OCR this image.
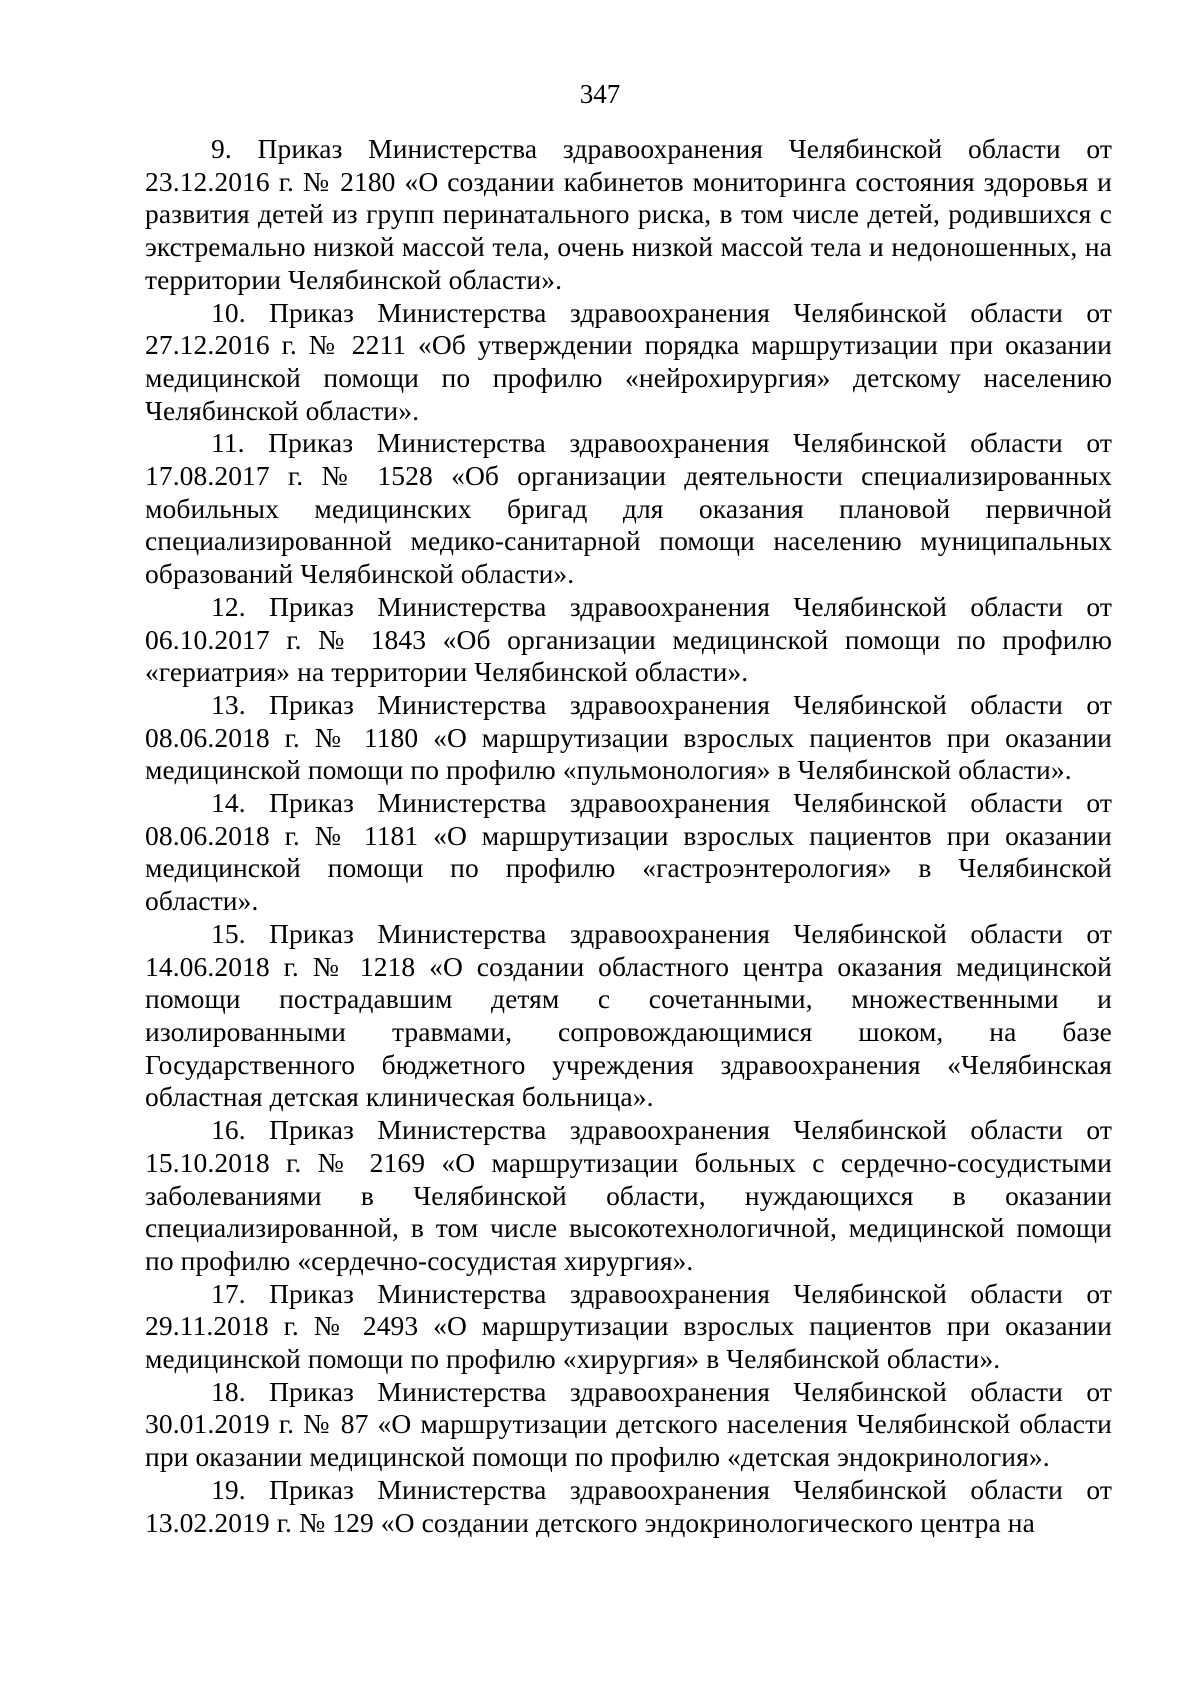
347

9. Приказ Министерства здравоохранения Челябинской области от 23.12.2016 г. № 2180 «О создании кабинетов мониторинга состояния здоровья и развития детей из групп перинатального риска, в том числе детей, родившихся с экстремально низкой массой тела, очень низкой массой тела и недоношенных, на территории Челябинской области».

10. Приказ Министерства здравоохранения Челябинской области от 27.12.2016 г. № 2211 «Об утверждении порядка маршрутизации при оказании медицинской помощи по профилю «нейрохирургия» детскому населению Челябинской области».

11. Приказ Министерства здравоохранения Челябинской области от 17.08.2017 г. № 1528 «Об организации деятельности специализированных мобильных медицинских бригад для оказания плановой первичной специализированной медико-санитарной помощи населению муниципальных образований Челябинской области».

12. Приказ Министерства здравоохранения Челябинской области от 06.10.2017 г. № 1843 «Об организации медицинской помощи по профилю «гериатрия» на территории Челябинской области».

13. Приказ Министерства здравоохранения Челябинской области от 08.06.2018 г. № 1180 «О маршрутизации взрослых пациентов при оказании медицинской помощи по профилю «пульмонология» в Челябинской области».

14. Приказ Министерства здравоохранения Челябинской области от 08.06.2018 г. № 1181 «О маршрутизации взрослых пациентов при оказании медицинской помощи по профилю «гастроэнтерология» в Челябинской области».

15. Приказ Министерства здравоохранения Челябинской области от 14.06.2018 г. № 1218 «О создании областного центра оказания медицинской помощи пострадавшим детям с сочетанными, множественными и изолированными травмами, сопровождающимися шоком, на базе Государственного бюджетного учреждения здравоохранения «Челябинская областная детская клиническая больница».

16. Приказ Министерства здравоохранения Челябинской области от 15.10.2018 г. № 2169 «О маршрутизации больных с сердечно-сосудистыми заболеваниями в Челябинской области, нуждающихся в оказании специализированной, в том числе высокотехнологичной, медицинской помощи по профилю «сердечно-сосудистая хирургия».

17. Приказ Министерства здравоохранения Челябинской области от 29.11.2018 г. № 2493 «О маршрутизации взрослых пациентов при оказании медицинской помощи по профилю «хирургия» в Челябинской области».

18. Приказ Министерства здравоохранения Челябинской области от 30.01.2019 г. № 87 «О маршрутизации детского населения Челябинской области при оказании медицинской помощи по профилю «детская эндокринология».

19. Приказ Министерства здравоохранения Челябинской области от 13.02.2019 г. № 129 «О создании детского эндокринологического центра на
